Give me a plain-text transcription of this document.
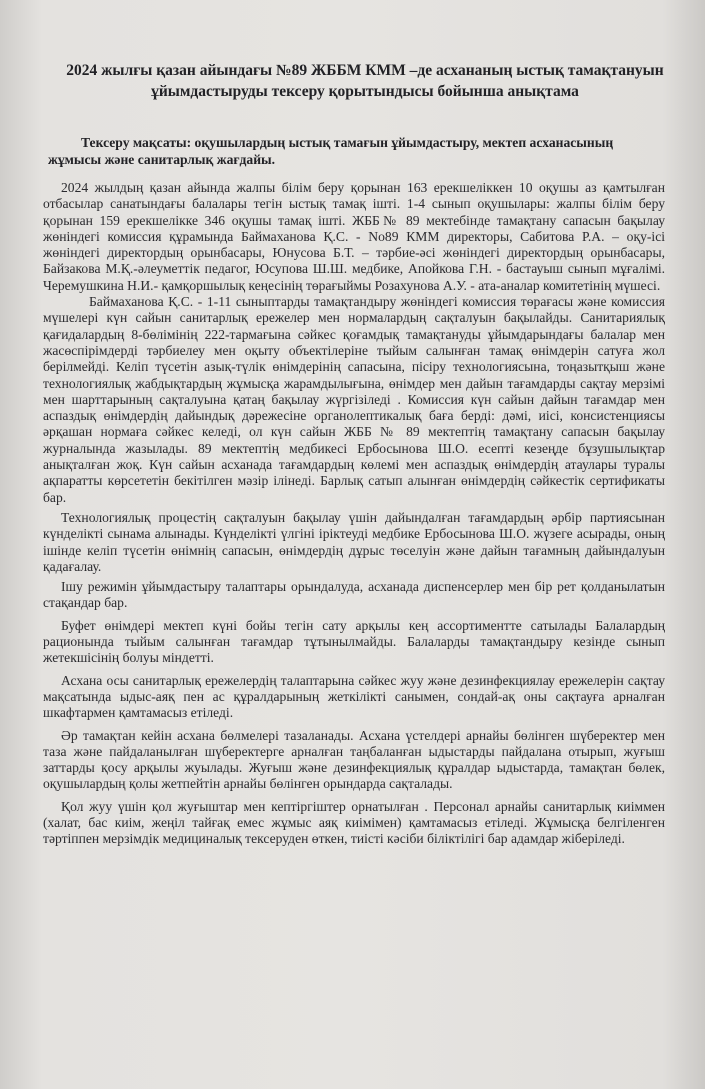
2024 жылғы қазан айындағы №89 ЖББМ КММ –де асхананың ыстық тамақтануын ұйымдастыруды тексеру қорытындысы бойынша анықтама
Тексеру мақсаты: оқушылардың ыстық тамағын ұйымдастыру, мектеп асханасының жұмысы және санитарлық жағдайы.

2024 жылдың қазан айында жалпы білім беру қорынан 163 ерекшеліккен 10 оқушы аз қамтылған отбасылар санатындағы балалары тегін ыстық тамақ ішті. 1-4 сынып оқушылары: жалпы білім беру қорынан 159 ерекшелікке 346 оқушы тамақ ішті. ЖББ№ 89 мектебінде тамақтану сапасын бақылау жөніндегі комиссия құрамында Баймаханова Қ.С. - No89 КММ директоры, Сабитова Р.А. – оқу-ісі жөніндегі директордың орынбасары, Юнусова Б.Т. – тәрбие-әсі жөніндегі директордың орынбасары, Байзакова М.Қ.-әлеуметтік педагог, Юсупова Ш.Ш. медбике, Апойкова Г.Н. - бастауыш сынып мұғалімі. Черемушкина Н.И.- қамқоршылық кеңесінің төрағыймы Розахунова А.У. - ата-аналар комитетінің мүшесі.

Баймаханова Қ.С. - 1-11 сыныптарды тамақтандыру жөніндегі комиссия төрағасы және комиссия мүшелері күн сайын санитарлық ережелер мен нормалардың сақталуын бақылайды. Санитариялық қағидалардың 8-бөлімінің 222-тармағына сәйкес қоғамдық тамақтануды ұйымдарындағы балалар мен жасөспірімдерді тәрбиелеу мен оқыту объектілеріне тыйым салынған тамақ өнімдерін сатуға жол берілмейді. Келіп түсетін азық-түлік өнімдерінің сапасына, пісіру технологиясына, тоңазытқыш және технологиялық жабдықтардың жұмысқа жарамдылығына, өнімдер мен дайын тағамдарды сақтау мерзімі мен шарттарының сақталуына қатаң бақылау жүргізіледі . Комиссия күн сайын дайын тағамдар мен аспаздық өнімдердің дайындық дәрежесіне органолептикалық баға берді: дәмі, иісі, консистенциясы әрқашан нормаға сәйкес келеді, ол күн сайын ЖББ № 89 мектептің тамақтану сапасын бақылау журналында жазылады. 89 мектептің медбикесі Ербосынова Ш.О. есепті кезеңде бұзушылықтар анықталған жоқ. Күн сайын асханада тағамдардың көлемі мен аспаздық өнімдердің атаулары туралы ақпаратты көрсететін бекітілген мәзір ілінеді. Барлық сатып алынған өнімдердің сәйкестік сертификаты бар.

Технологиялық процестің сақталуын бақылау үшін дайындалған тағамдардың әрбір партиясынан күнделікті сынама алынады. Күнделікті үлгіні іріктеуді медбике Ербосынова Ш.О. жүзеге асырады, оның ішінде келіп түсетін өнімнің сапасын, өнімдердің дұрыс төселуін және дайын тағамның дайындалуын қадағалау.

Ішу режимін ұйымдастыру талаптары орындалуда, асханада диспенсерлер мен бір рет қолданылатын стақандар бар.

Буфет өнімдері мектеп күні бойы тегін сату арқылы кең ассортиментте сатылады Балалардың рационында тыйым салынған тағамдар тұтынылмайды. Балаларды тамақтандыру кезінде сынып жетекшісінің болуы міндетті.

Асхана осы санитарлық ережелердің талаптарына сәйкес жуу және дезинфекциялау ережелерін сақтау мақсатында ыдыс-аяқ пен ас құралдарының жеткілікті санымен, сондай-ақ оны сақтауға арналған шкафтармен қамтамасыз етіледі.

Әр тамақтан кейін асхана бөлмелері тазаланады. Асхана үстелдері арнайы бөлінген шүберектер мен таза және пайдаланылған шүберектерге арналған таңбаланған ыдыстарды пайдалана отырып, жуғыш заттарды қосу арқылы жуылады. Жуғыш және дезинфекциялық құралдар ыдыстарда, тамақтан бөлек, оқушылардың қолы жетпейтін арнайы бөлінген орындарда сақталады.

Қол жуу үшін қол жуғыштар мен кептіргіштер орнатылған . Персонал арнайы санитарлық киіммен (халат, бас киім, жеңіл тайғақ емес жұмыс аяқ киімімен) қамтамасыз етіледі. Жұмысқа белгіленген тәртіппен мерзімдік медициналық тексеруден өткен, тиісті кәсіби біліктілігі бар адамдар жіберіледі.
